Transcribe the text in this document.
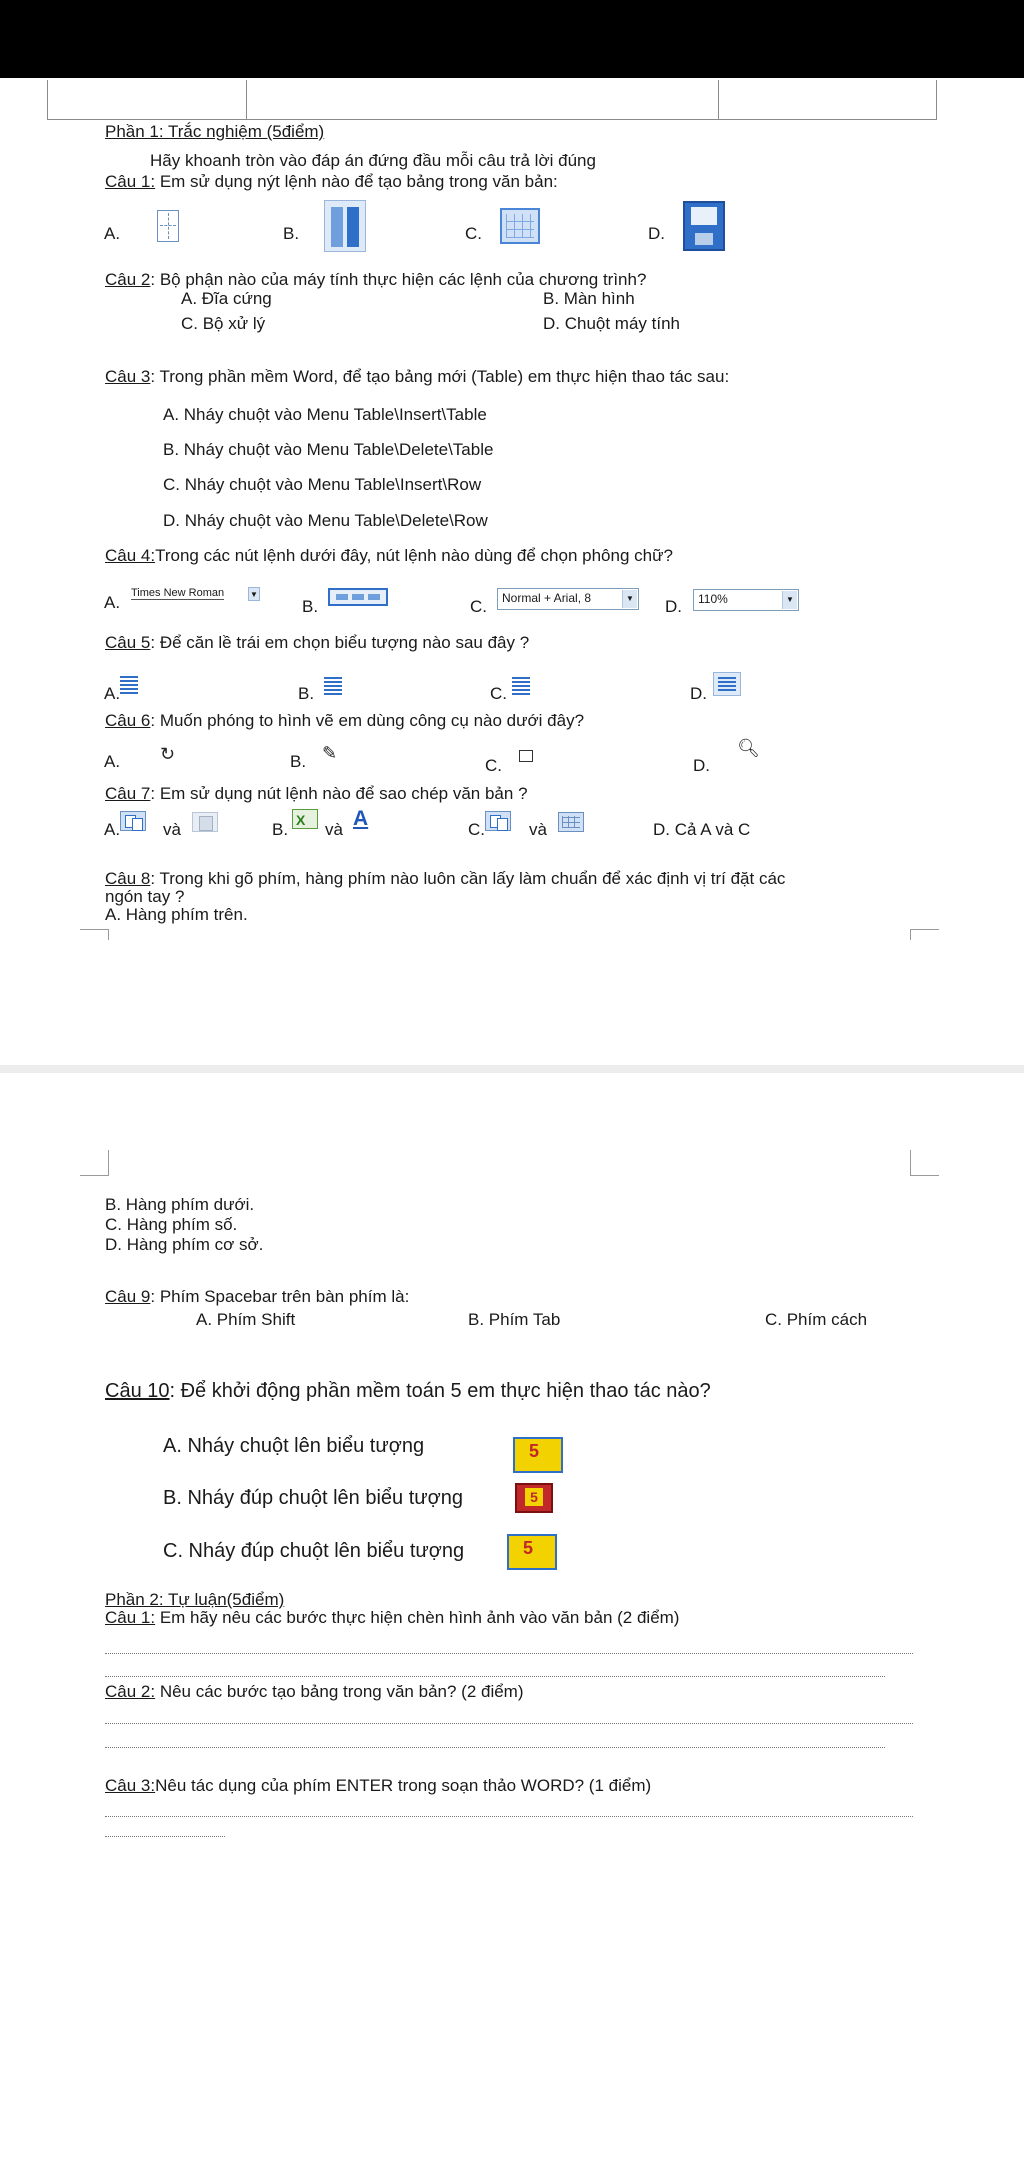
Phần 1: Trắc nghiệm (5điểm)
Hãy khoanh tròn vào đáp án đứng đầu mỗi câu trả lời đúng
Câu 1: Em sử dụng nýt lệnh nào để tạo bảng trong văn bản:
A.	B.	C.	D.
Câu 2: Bộ phận nào của máy tính thực hiện các lệnh của chương trình?
A. Đĩa cứng	B. Màn hình
C. Bộ xử lý	D. Chuột máy tính
Câu 3: Trong phần mềm Word, để tạo bảng mới (Table) em thực hiện thao tác sau:
A. Nháy chuột vào Menu Table\Insert\Table
B. Nháy chuột vào Menu Table\Delete\Table
C. Nháy chuột vào Menu Table\Insert\Row
D. Nháy chuột vào Menu Table\Delete\Row
Câu 4:Trong các nút lệnh dưới đây, nút lệnh nào dùng để chọn phông chữ?
A. Times New Roman	▼
B.	C.	Normal + Arial, 8	▼ D.	110%	▼
Câu 5: Để căn lề trái em chọn biểu tượng nào sau đây ?
A.	B.	C.	D.
Câu 6: Muốn phóng to hình vẽ em dùng công cụ nào dưới đây?
A. ↻	B. ✎
C.	D.
🔍︎
Câu 7: Em sử dụng nút lệnh nào để sao chép văn bản ?
A.	và	B. X và A	C.	và	D. Cả A và C
Câu 8: Trong khi gõ phím, hàng phím nào luôn cần lấy làm chuẩn để xác định vị trí đặt các
ngón tay ?
A. Hàng phím trên.
B. Hàng phím dưới.
C. Hàng phím số.
D. Hàng phím cơ sở.
Câu 9: Phím Spacebar trên bàn phím là:
A. Phím Shift	B. Phím Tab	C. Phím cách
Câu 10: Để khởi động phần mềm toán 5 em thực hiện thao tác nào?
A. Nháy chuột lên biểu tượng	5
B. Nháy đúp chuột lên biểu tượng	5
C. Nháy đúp chuột lên biểu tượng	5
Phần 2: Tự luận(5điểm)
Câu 1: Em hãy nêu các bước thực hiện chèn hình ảnh vào văn bản (2 điểm)
Câu 2: Nêu các bước tạo bảng trong văn bản? (2 điểm)
Câu 3:Nêu tác dụng của phím ENTER trong soạn thảo WORD? (1 điểm)
